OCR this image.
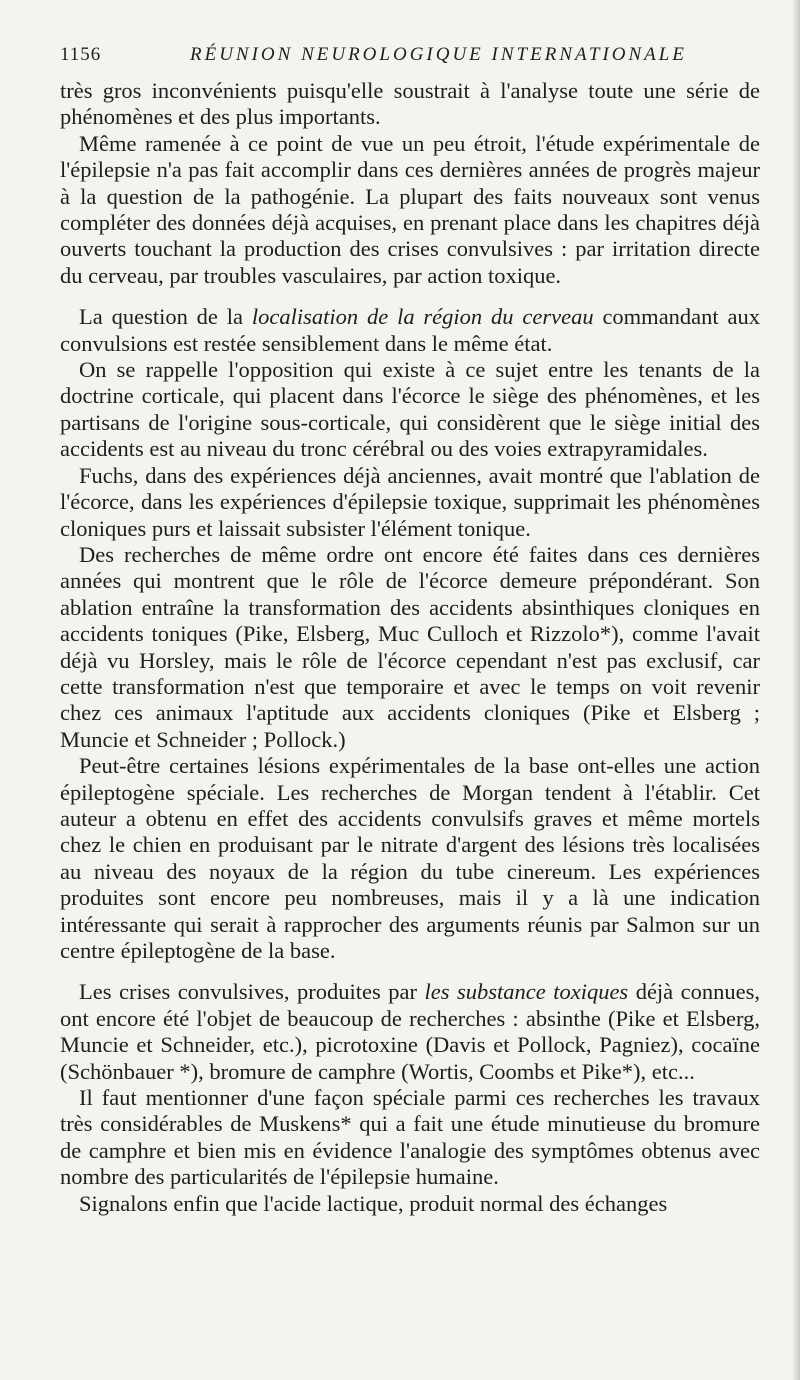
1156	RÉUNION NEUROLOGIQUE INTERNATIONALE

très gros inconvénients puisqu'elle soustrait à l'analyse toute une série de phénomènes et des plus importants.

Même ramenée à ce point de vue un peu étroit, l'étude expérimentale de l'épilepsie n'a pas fait accomplir dans ces dernières années de progrès majeur à la question de la pathogénie. La plupart des faits nouveaux sont venus compléter des données déjà acquises, en prenant place dans les chapitres déjà ouverts touchant la production des crises convulsives : par irritation directe du cerveau, par troubles vasculaires, par action toxique.

La question de la localisation de la région du cerveau commandant aux convulsions est restée sensiblement dans le même état.

On se rappelle l'opposition qui existe à ce sujet entre les tenants de la doctrine corticale, qui placent dans l'écorce le siège des phénomènes, et les partisans de l'origine sous-corticale, qui considèrent que le siège initial des accidents est au niveau du tronc cérébral ou des voies extrapyramidales.

Fuchs, dans des expériences déjà anciennes, avait montré que l'ablation de l'écorce, dans les expériences d'épilepsie toxique, supprimait les phénomènes cloniques purs et laissait subsister l'élément tonique.

Des recherches de même ordre ont encore été faites dans ces dernières années qui montrent que le rôle de l'écorce demeure prépondérant. Son ablation entraîne la transformation des accidents absinthiques cloniques en accidents toniques (Pike, Elsberg, Muc Culloch et Rizzolo*), comme l'avait déjà vu Horsley, mais le rôle de l'écorce cependant n'est pas exclusif, car cette transformation n'est que temporaire et avec le temps on voit revenir chez ces animaux l'aptitude aux accidents cloniques (Pike et Elsberg ; Muncie et Schneider ; Pollock.)

Peut-être certaines lésions expérimentales de la base ont-elles une action épileptogène spéciale. Les recherches de Morgan tendent à l'établir. Cet auteur a obtenu en effet des accidents convulsifs graves et même mortels chez le chien en produisant par le nitrate d'argent des lésions très localisées au niveau des noyaux de la région du tube cinereum. Les expériences produites sont encore peu nombreuses, mais il y a là une indication intéressante qui serait à rapprocher des arguments réunis par Salmon sur un centre épileptogène de la base.

Les crises convulsives, produites par les substance toxiques déjà connues, ont encore été l'objet de beaucoup de recherches : absinthe (Pike et Elsberg, Muncie et Schneider, etc.), picrotoxine (Davis et Pollock, Pagniez), cocaïne (Schönbauer *), bromure de camphre (Wortis, Coombs et Pike*), etc...

Il faut mentionner d'une façon spéciale parmi ces recherches les travaux très considérables de Muskens* qui a fait une étude minutieuse du bromure de camphre et bien mis en évidence l'analogie des symptômes obtenus avec nombre des particularités de l'épilepsie humaine.

Signalons enfin que l'acide lactique, produit normal des échanges
